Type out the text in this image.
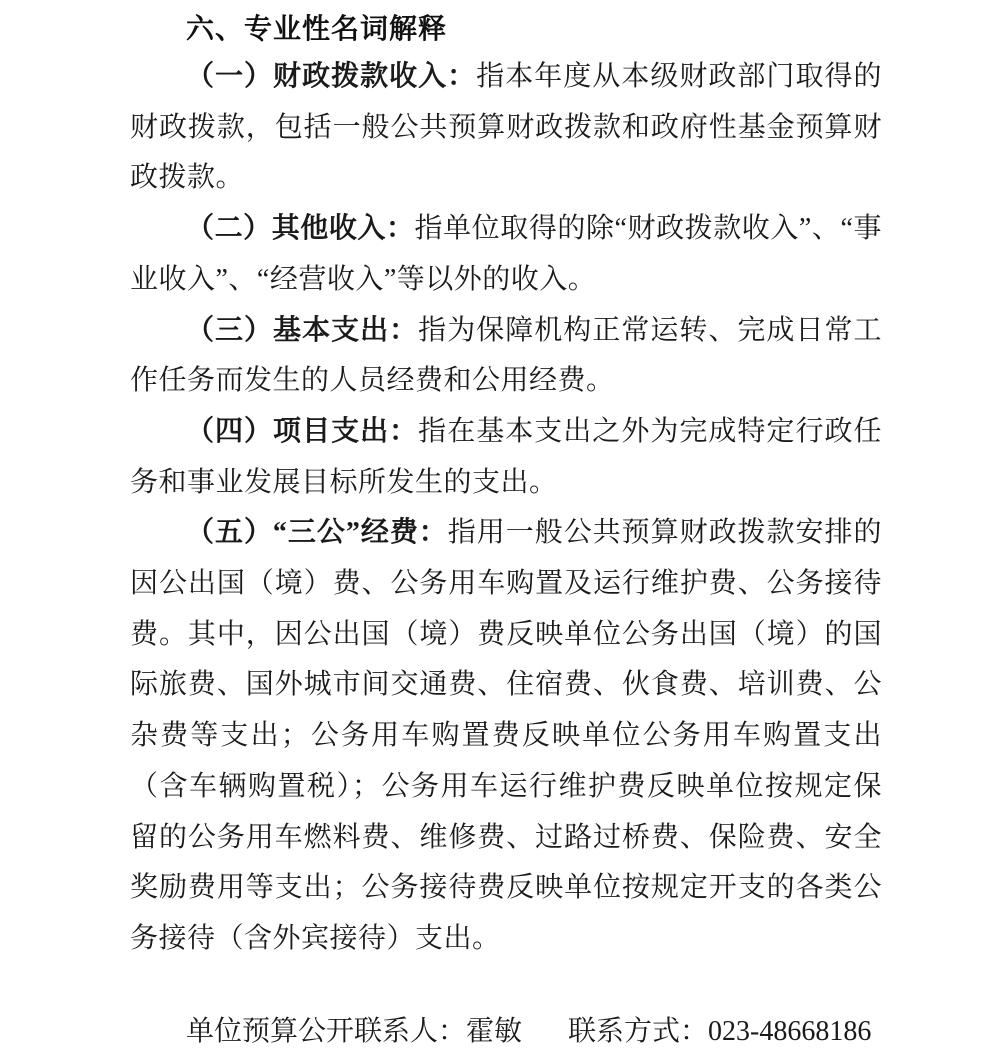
六、专业性名词解释

（一）财政拨款收入：指本年度从本级财政部门取得的财政拨款，包括一般公共预算财政拨款和政府性基金预算财政拨款。

（二）其他收入：指单位取得的除“财政拨款收入”、“事业收入”、“经营收入”等以外的收入。

（三）基本支出：指为保障机构正常运转、完成日常工作任务而发生的人员经费和公用经费。

（四）项目支出：指在基本支出之外为完成特定行政任务和事业发展目标所发生的支出。

（五）“三公”经费：指用一般公共预算财政拨款安排的因公出国（境）费、公务用车购置及运行维护费、公务接待费。其中，因公出国（境）费反映单位公务出国（境）的国际旅费、国外城市间交通费、住宿费、伙食费、培训费、公杂费等支出；公务用车购置费反映单位公务用车购置支出（含车辆购置税）；公务用车运行维护费反映单位按规定保留的公务用车燃料费、维修费、过路过桥费、保险费、安全奖励费用等支出；公务接待费反映单位按规定开支的各类公务接待（含外宾接待）支出。

单位预算公开联系人：霍敏 联系方式：023-48668186
